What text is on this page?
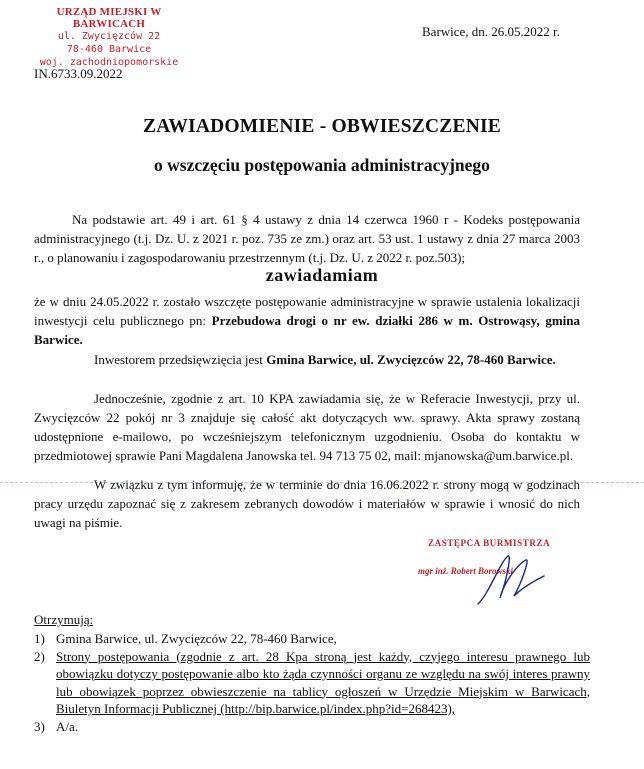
URZĄD MIEJSKI W BARWICACH
ul. Zwycięzców 22
78-460 Barwice
woj. zachodniopomorskie
IN.6733.09.2022
Barwice, dn. 26.05.2022 r.
ZAWIADOMIENIE - OBWIESZCZENIE
o wszczęciu postępowania administracyjnego
Na podstawie art. 49 i art. 61 § 4 ustawy z dnia 14 czerwca 1960 r - Kodeks postępowania administracyjnego (t.j. Dz. U. z 2021 r. poz. 735 ze zm.) oraz art. 53 ust. 1 ustawy z dnia 27 marca 2003 r., o planowaniu i zagospodarowaniu przestrzennym (t.j. Dz. U. z 2022 r. poz.503);
zawiadamiam
że w dniu 24.05.2022 r. zostało wszczęte postępowanie administracyjne w sprawie ustalenia lokalizacji inwestycji celu publicznego pn: Przebudowa drogi o nr ew. działki 286 w m. Ostrowąsy, gmina Barwice.
Inwestorem przedsięwzięcia jest Gmina Barwice, ul. Zwycięzców 22, 78-460 Barwice.
Jednocześnie, zgodnie z art. 10 KPA zawiadamia się, że w Referacie Inwestycji, przy ul. Zwycięzców 22 pokój nr 3 znajduje się całość akt dotyczących ww. sprawy. Akta sprawy zostaną udostępnione e-mailowo, po wcześniejszym telefonicznym uzgodnieniu. Osoba do kontaktu w przedmiotowej sprawie Pani Magdalena Janowska tel. 94 713 75 02, mail: mjanowska@um.barwice.pl.
W związku z tym informuję, że w terminie do dnia 16.06.2022 r. strony mogą w godzinach pracy urzędu zapoznać się z zakresem zebranych dowodów i materiałów w sprawie i wnosić do nich uwagi na piśmie.
ZASTĘPCA BURMISTRZA
mgr inż. Robert Borowski
Otrzymują:
1) Gmina Barwice, ul. Zwycięzców 22, 78-460 Barwice,
2) Strony postępowania (zgodnie z art. 28 Kpa stroną jest każdy, czyjego interesu prawnego lub obowiązku dotyczy postępowanie albo kto żąda czynności organu ze względu na swój interes prawny lub obowiązek poprzez obwieszczenie na tablicy ogłoszeń w Urzędzie Miejskim w Barwicach, Biuletyn Informacji Publicznej (http://bip.barwice.pl/index.php?id=268423),
3) A/a.
